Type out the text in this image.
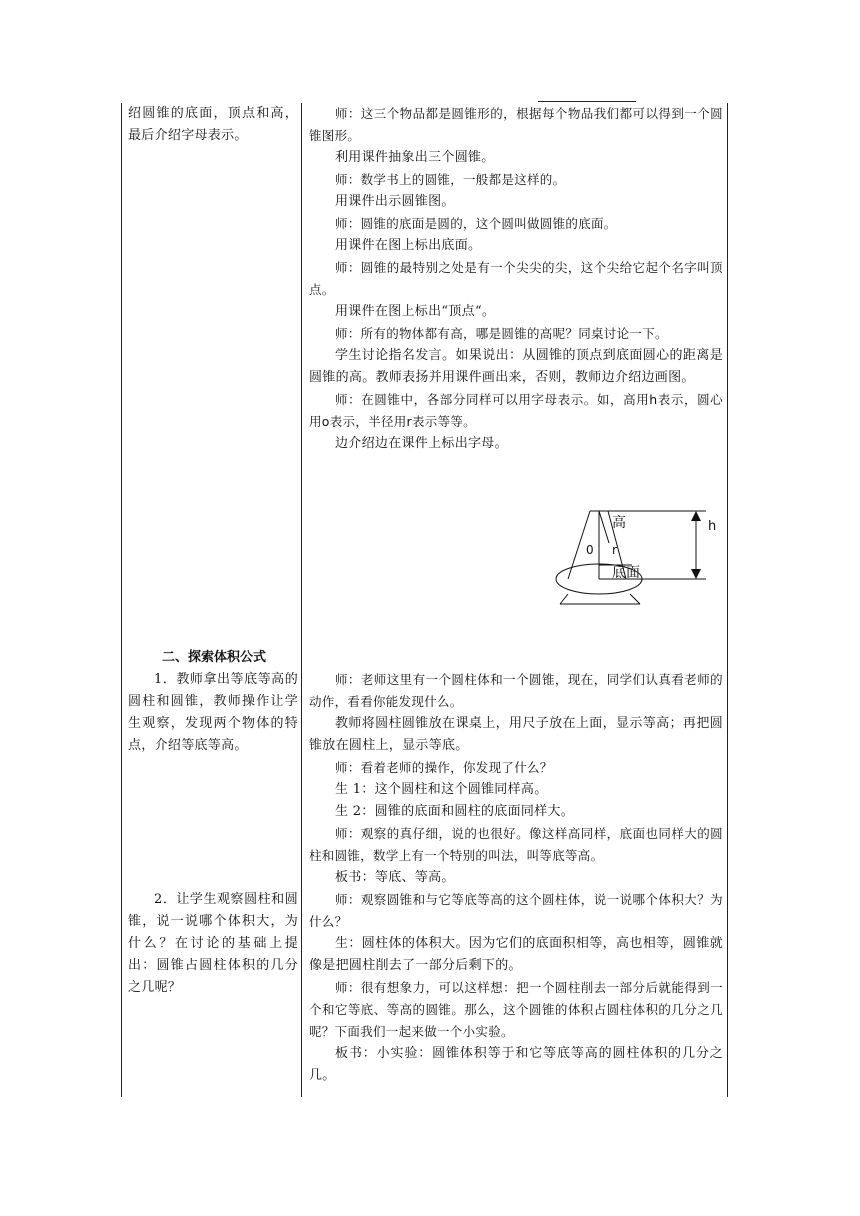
绍圆锥的底面，顶点和高，最后介绍字母表示。

二、探索体积公式

1．教师拿出等底等高的圆柱和圆锥，教师操作让学生观察，发现两个物体的特点，介绍等底等高。

2．让学生观察圆柱和圆锥，说一说哪个体积大，为什么？在讨论的基础上提出：圆锥占圆柱体积的几分之几呢？

师：这三个物品都是圆锥形的，根据每个物品我们都可以得到一个圆锥图形。

利用课件抽象出三个圆锥。

师：数学书上的圆锥，一般都是这样的。

用课件出示圆锥图。

师：圆锥的底面是圆的，这个圆叫做圆锥的底面。

用课件在图上标出底面。

师：圆锥的最特别之处是有一个尖尖的尖，这个尖给它起个名字叫顶点。

用课件在图上标出“顶点“。

师：所有的物体都有高，哪是圆锥的高呢？同桌讨论一下。

学生讨论指名发言。如果说出：从圆锥的顶点到底面圆心的距离是圆锥的高。教师表扬并用课件画出来，否则，教师边介绍边画图。

师：在圆锥中，各部分同样可以用字母表示。如，高用h表示，圆心用o表示，半径用r表示等等。

边介绍边在课件上标出字母。

高	h
0 r
底面

师：老师这里有一个圆柱体和一个圆锥，现在，同学们认真看老师的动作，看看你能发现什么。

教师将圆柱圆锥放在课桌上，用尺子放在上面，显示等高；再把圆锥放在圆柱上，显示等底。

师：看着老师的操作，你发现了什么？

生 1：这个圆柱和这个圆锥同样高。

生 2：圆锥的底面和圆柱的底面同样大。

师：观察的真仔细，说的也很好。像这样高同样，底面也同样大的圆柱和圆锥，数学上有一个特别的叫法，叫等底等高。

板书：等底、等高。

师：观察圆锥和与它等底等高的这个圆柱体，说一说哪个体积大？为什么？

生：圆柱体的体积大。因为它们的底面积相等，高也相等，圆锥就像是把圆柱削去了一部分后剩下的。

师：很有想象力，可以这样想：把一个圆柱削去一部分后就能得到一个和它等底、等高的圆锥。那么，这个圆锥的体积占圆柱体积的几分之几呢？下面我们一起来做一个小实验。

板书：小实验：圆锥体积等于和它等底等高的圆柱体积的几分之几。
